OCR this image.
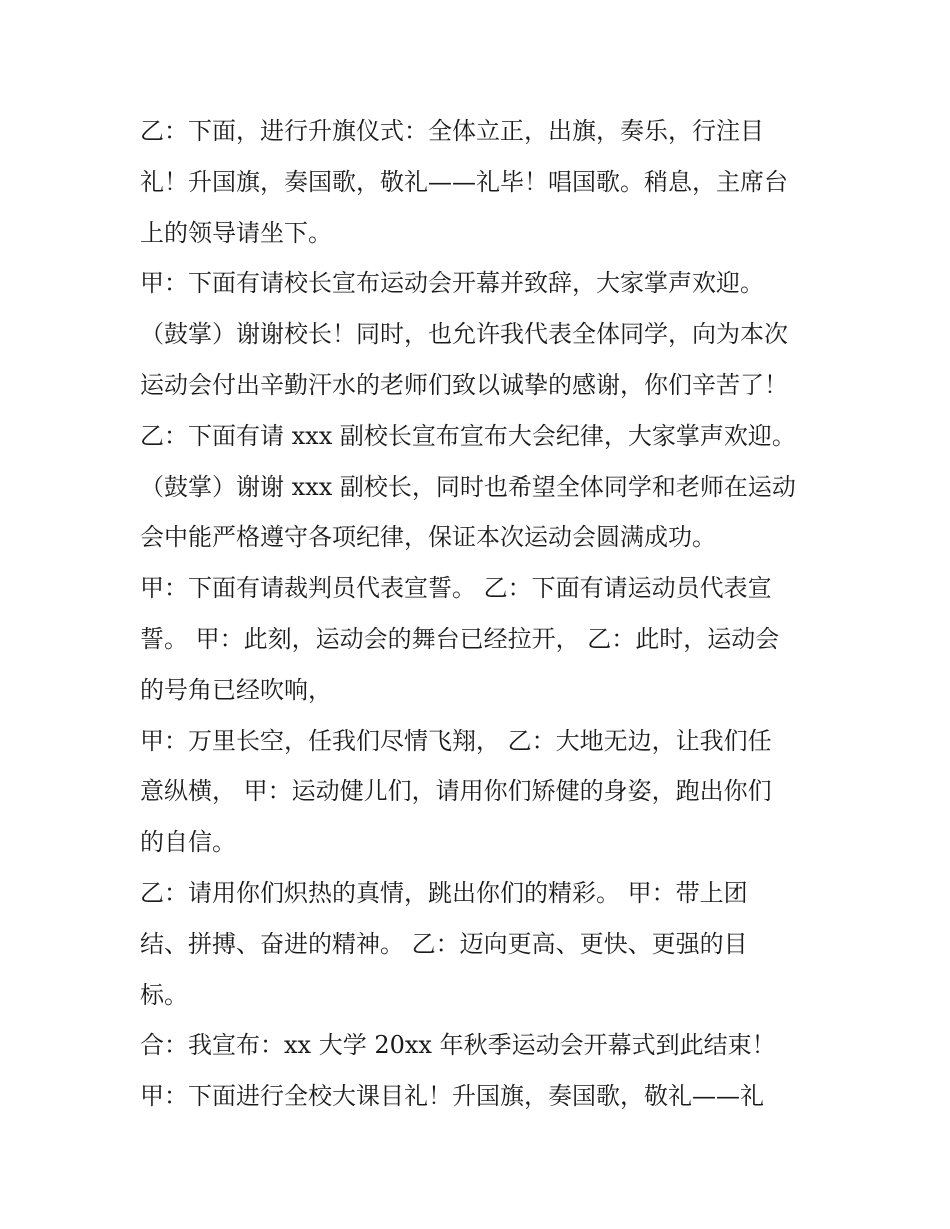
乙：下面，进行升旗仪式：全体立正，出旗，奏乐，行注目
礼！升国旗，奏国歌，敬礼——礼毕！唱国歌。稍息，主席台
上的领导请坐下。
甲：下面有请校长宣布运动会开幕并致辞，大家掌声欢迎。
（鼓掌）谢谢校长！同时，也允许我代表全体同学，向为本次
运动会付出辛勤汗水的老师们致以诚挚的感谢，你们辛苦了！
乙：下面有请 xxx 副校长宣布宣布大会纪律，大家掌声欢迎。
（鼓掌）谢谢 xxx 副校长，同时也希望全体同学和老师在运动
会中能严格遵守各项纪律，保证本次运动会圆满成功。
甲：下面有请裁判员代表宣誓。 乙：下面有请运动员代表宣
誓。 甲：此刻，运动会的舞台已经拉开， 乙：此时，运动会
的号角已经吹响，
甲：万里长空，任我们尽情飞翔， 乙：大地无边，让我们任
意纵横， 甲：运动健儿们，请用你们矫健的身姿，跑出你们
的自信。
乙：请用你们炽热的真情，跳出你们的精彩。 甲：带上团
结、拼搏、奋进的精神。 乙：迈向更高、更快、更强的目
标。
合：我宣布：xx 大学 20xx 年秋季运动会开幕式到此结束！
甲：下面进行全校大课目礼！升国旗，奏国歌，敬礼——礼
